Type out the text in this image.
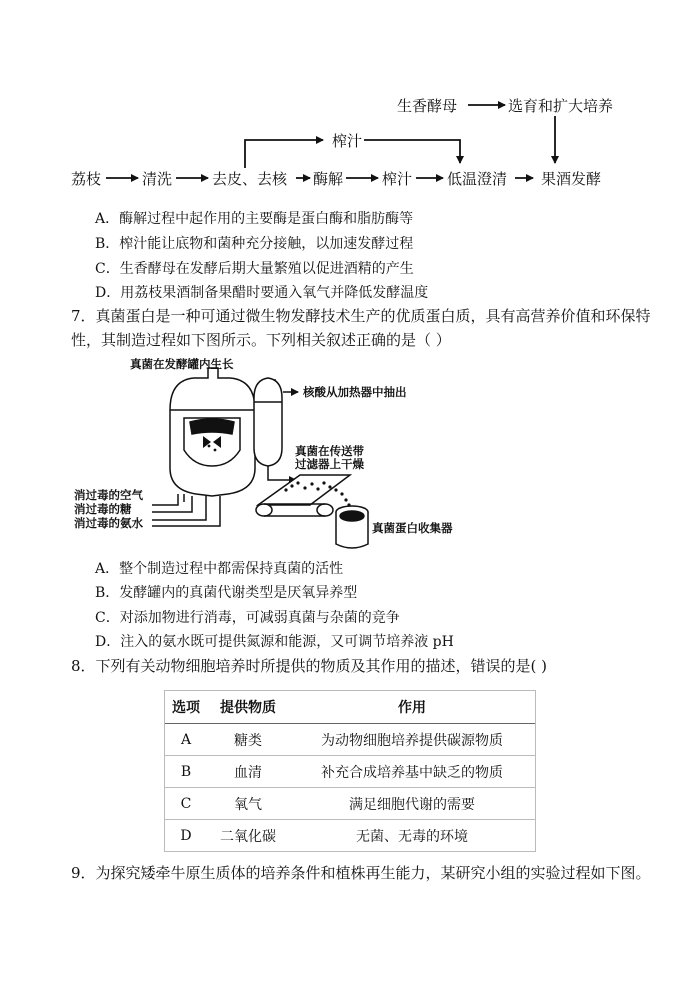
生香酵母	选育和扩大培养
榨汁
荔枝	清洗	去皮、去核 酶解	榨汁 低温澄清 果酒发酵
A．酶解过程中起作用的主要酶是蛋白酶和脂肪酶等
B．榨汁能让底物和菌种充分接触，以加速发酵过程
C．生香酵母在发酵后期大量繁殖以促进酒精的产生
D．用荔枝果酒制备果醋时要通入氧气并降低发酵温度
7．真菌蛋白是一种可通过微生物发酵技术生产的优质蛋白质，具有高营养价值和环保特
性，其制造过程如下图所示。下列相关叙述正确的是（ ）
真菌在发酵罐内生长
核酸从加热器中抽出
真菌在传送带
过滤器上干燥
消过毒的空气
消过毒的糖
消过毒的氨水	真菌蛋白收集器
A．整个制造过程中都需保持真菌的活性
B．发酵罐内的真菌代谢类型是厌氧异养型
C．对添加物进行消毒，可减弱真菌与杂菌的竞争
D．注入的氨水既可提供氮源和能源，又可调节培养液 pH
8．下列有关动物细胞培养时所提供的物质及其作用的描述，错误的是( )
选项	提供物质	作用
A	糖类	为动物细胞培养提供碳源物质
B	血清	补充合成培养基中缺乏的物质
C	氧气	满足细胞代谢的需要
D	二氧化碳	无菌、无毒的环境
9．为探究矮牵牛原生质体的培养条件和植株再生能力，某研究小组的实验过程如下图。
